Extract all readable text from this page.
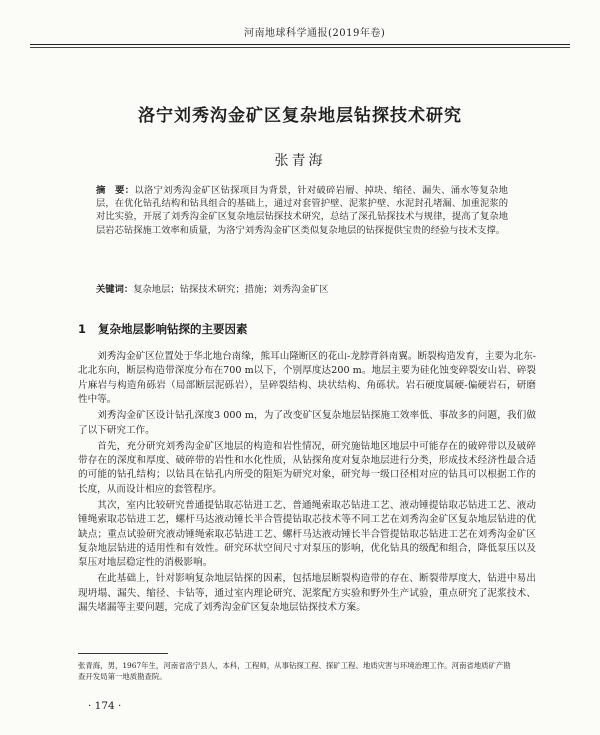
河南地球科学通报(2019年卷)
洛宁刘秀沟金矿区复杂地层钻探技术研究
张青海

摘　要：以洛宁刘秀沟金矿区钻探项目为背景，针对破碎岩層、掉块、缩径、漏失、涌水等复杂地层，在优化钻孔结构和钻具组合的基础上，通过对套管护壁、泥浆护壁、水泥封孔堵漏、加重泥浆的对比实验，开展了刘秀沟金矿区复杂地层钻探技术研究，总结了深孔钻探技术与规律，提高了复杂地层岩芯钻探施工效率和质量，为洛宁刘秀沟金矿区类似复杂地层的钻探提供宝贵的经验与技术支撑。

关键词：复杂地层；钻探技术研究；措施；刘秀沟金矿区

1 复杂地层影响钻探的主要因素

刘秀沟金矿区位置处于华北地台南缘，熊耳山隆断区的花山-龙脖背斜南翼。断裂构造发育，主要为北东-北北东向，断层构造带深度分布在700 m以下，个别厚度达200 m。地层主要为硅化蚀变碎裂安山岩、碎裂片麻岩与构造角砾岩（局部断层泥砾岩），呈碎裂结构、块状结构、角砾状。岩石硬度属硬-偏硬岩石，研磨性中等。

刘秀沟金矿区设计钻孔深度3 000 m，为了改变矿区复杂地层钻探施工效率低、事故多的问题，我们做了以下研究工作。

首先，充分研究刘秀沟金矿区地层的构造和岩性情况，研究施钻地区地层中可能存在的破碎带以及破碎带存在的深度和厚度、破碎带的岩性和水化性质，从钻探角度对复杂地层进行分类，形成技术经济性最合适的可能的钻孔结构；以钻具在钻孔内所受的阻矩为研究对象，研究每一级口径相对应的钻具可以根据工作的长度，从而设计相应的套管程序。

其次，室内比较研究普通提钻取芯钻进工艺、普通绳索取芯钻进工艺、液动锤提钻取芯钻进工艺、液动锤绳索取芯钻进工艺，螺杆马达液动锤长半合管提钻取芯技术等不同工艺在刘秀沟金矿区复杂地层钻进的优缺点；重点试验研究液动锤绳索取芯钻进工艺、螺杆马达液动锤长半合管提钻取芯钻进工艺在刘秀沟金矿区复杂地层钻进的适用性和有效性。研究环状空间尺寸对泵压的影响，优化钻具的级配和组合，降低泵压以及泵压对地层稳定性的消极影响。

在此基础上，针对影响复杂地层钻探的因素，包括地层断裂构造带的存在、断裂带厚度大，钻进中易出现坍塌、漏失、缩径、卡钻等，通过室内理论研究、泥浆配方实验和野外生产试验，重点研究了泥浆技术、漏失堵漏等主要问题，完成了刘秀沟金矿区复杂地层钻探技术方案。

张青海，男，1967年生，河南省洛宁县人，本科，工程师，从事钻探工程、探矿工程、地质灾害与环境治理工作。河南省地质矿产勘查开发局第一地质勘查院。

· 174 ·
